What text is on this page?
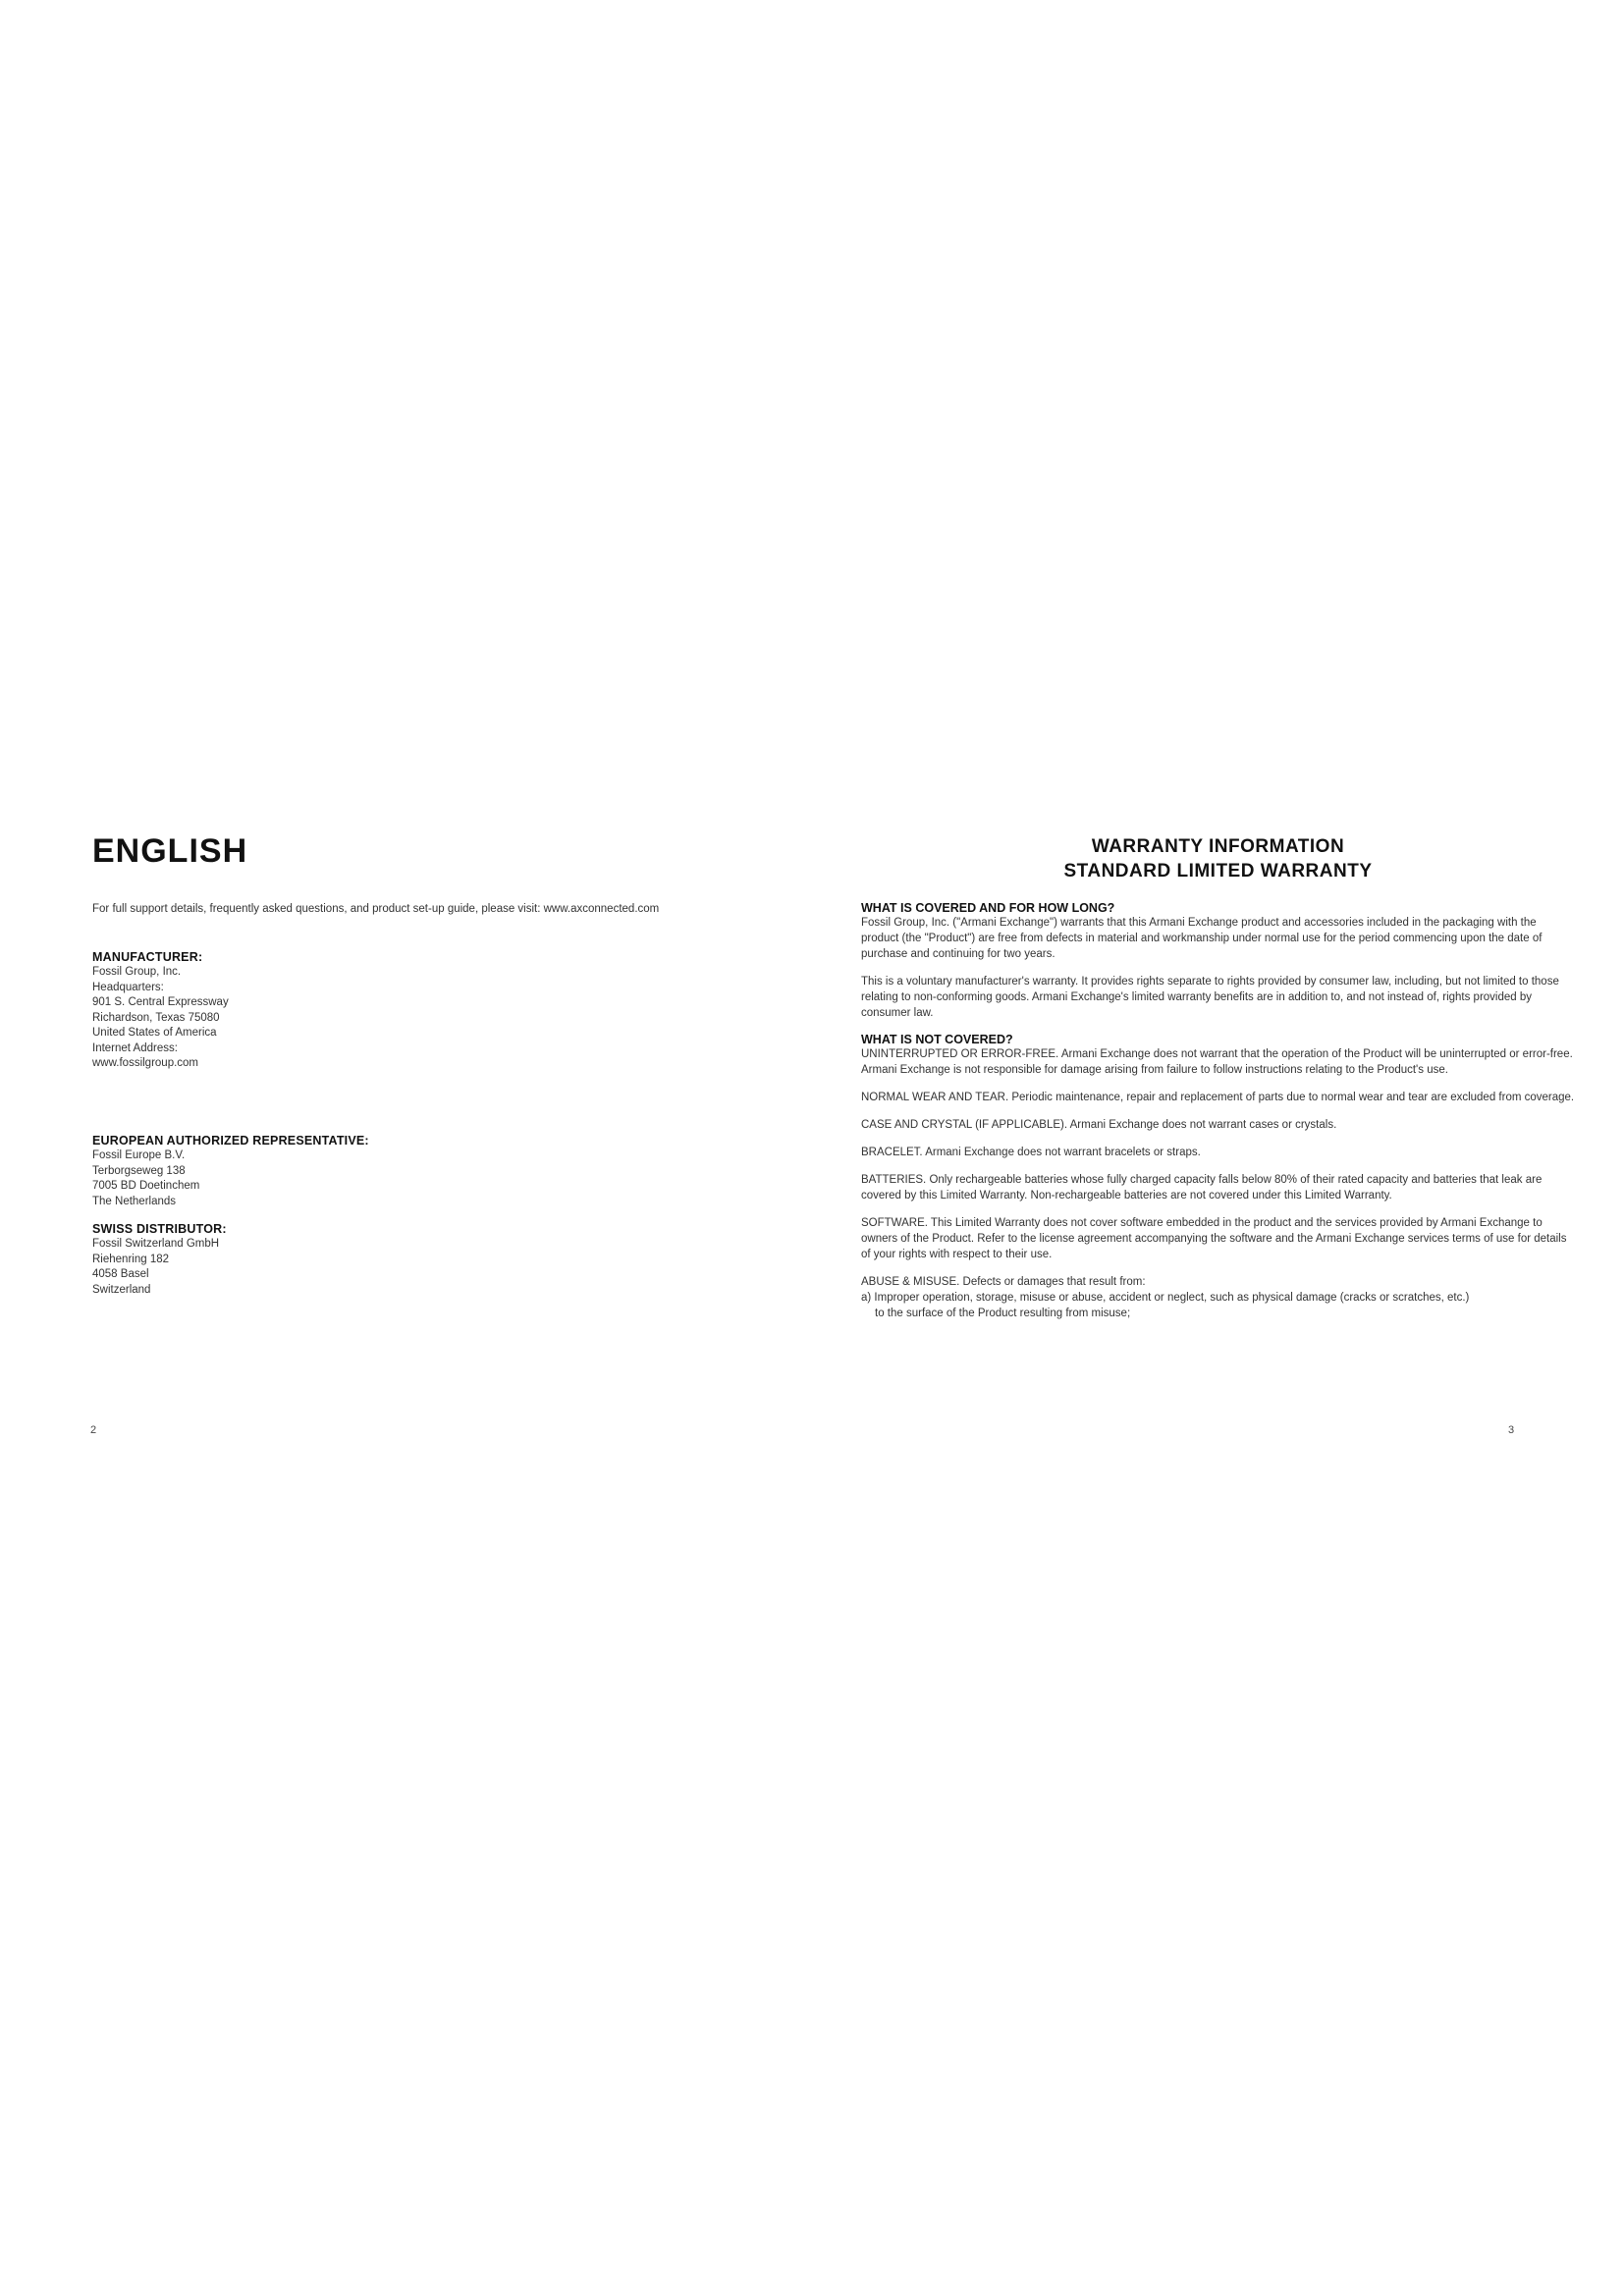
ENGLISH

For full support details, frequently asked questions, and product set-up guide, please visit: www.axconnected.com

MANUFACTURER:
Fossil Group, Inc.
Headquarters:
901 S. Central Expressway
Richardson, Texas 75080
United States of America
Internet Address:
www.fossilgroup.com
EUROPEAN AUTHORIZED REPRESENTATIVE:
Fossil Europe B.V.
Terborgseweg 138
7005 BD Doetinchem
The Netherlands
SWISS DISTRIBUTOR:
Fossil Switzerland GmbH
Riehenring 182
4058 Basel
Switzerland
2
WARRANTY INFORMATION
STANDARD LIMITED WARRANTY
WHAT IS COVERED AND FOR HOW LONG?

Fossil Group, Inc. ("Armani Exchange") warrants that this Armani Exchange product and accessories included in the packaging with the product (the "Product") are free from defects in material and workmanship under normal use for the period commencing upon the date of purchase and continuing for two years.

This is a voluntary manufacturer's warranty. It provides rights separate to rights provided by consumer law, including, but not limited to those relating to non-conforming goods. Armani Exchange's limited warranty benefits are in addition to, and not instead of, rights provided by consumer law.

WHAT IS NOT COVERED?

UNINTERRUPTED OR ERROR-FREE. Armani Exchange does not warrant that the operation of the Product will be uninterrupted or error-free. Armani Exchange is not responsible for damage arising from failure to follow instructions relating to the Product's use.

NORMAL WEAR AND TEAR. Periodic maintenance, repair and replacement of parts due to normal wear and tear are excluded from coverage.

CASE AND CRYSTAL (IF APPLICABLE). Armani Exchange does not warrant cases or crystals.

BRACELET. Armani Exchange does not warrant bracelets or straps.

BATTERIES. Only rechargeable batteries whose fully charged capacity falls below 80% of their rated capacity and batteries that leak are covered by this Limited Warranty. Non-rechargeable batteries are not covered under this Limited Warranty.

SOFTWARE. This Limited Warranty does not cover software embedded in the product and the services provided by Armani Exchange to owners of the Product. Refer to the license agreement accompanying the software and the Armani Exchange services terms of use for details of your rights with respect to their use.

ABUSE & MISUSE. Defects or damages that result from:

a) Improper operation, storage, misuse or abuse, accident or neglect, such as physical damage (cracks or scratches, etc.)

to the surface of the Product resulting from misuse;

3
